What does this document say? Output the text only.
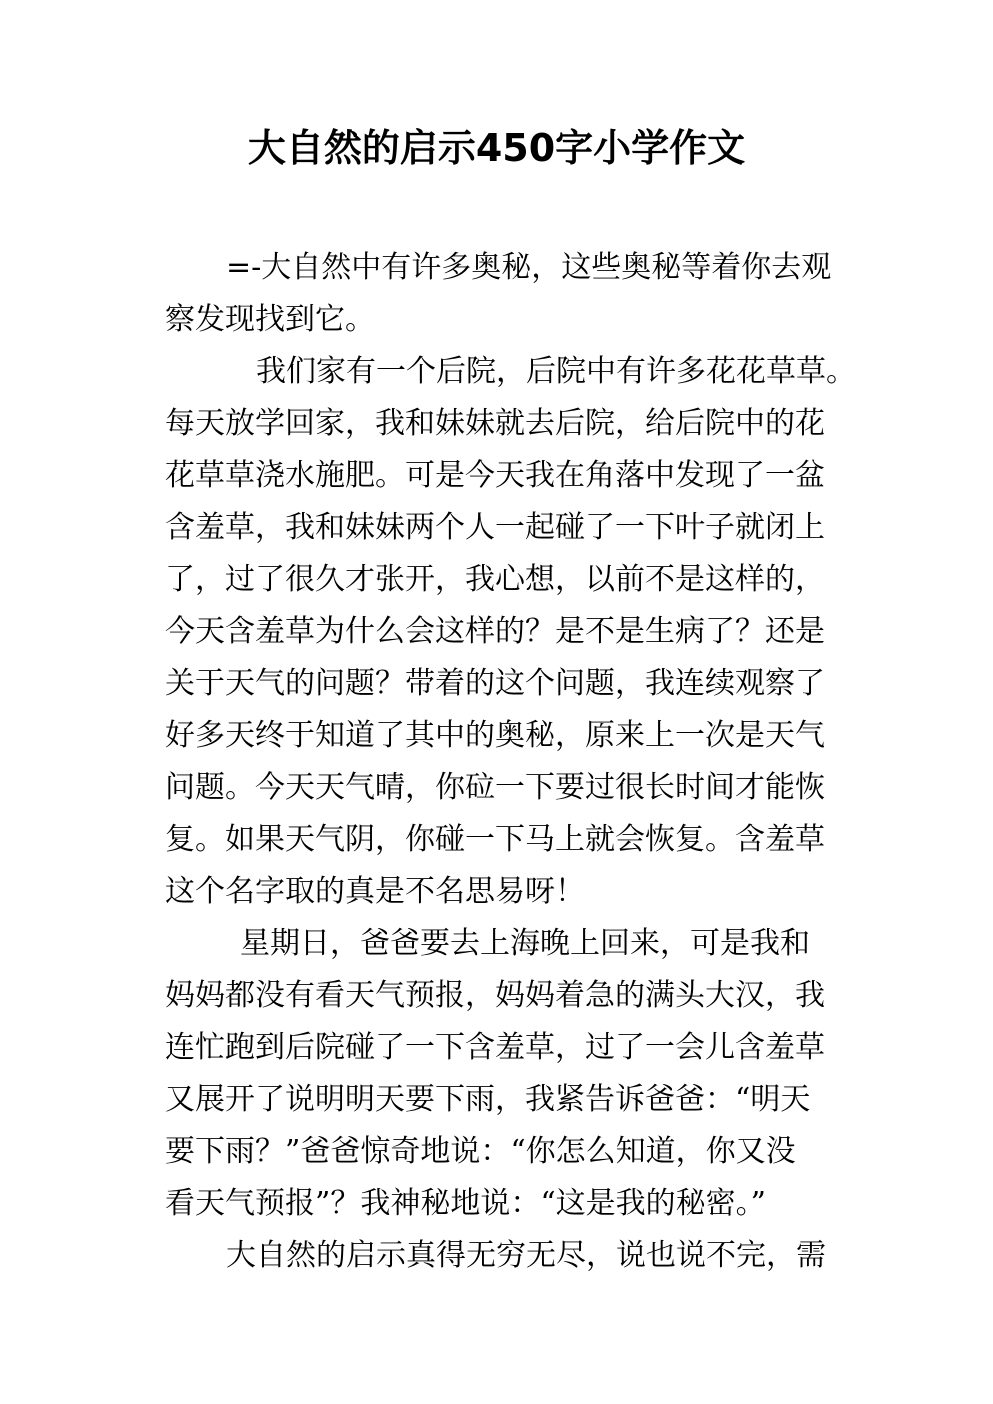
大自然的启示450字小学作文

=-大自然中有许多奥秘，这些奥秘等着你去观

察发现找到它。

我们家有一个后院，后院中有许多花花草草。

每天放学回家，我和妹妹就去后院，给后院中的花

花草草浇水施肥。可是今天我在角落中发现了一盆

含羞草，我和妹妹两个人一起碰了一下叶子就闭上

了，过了很久才张开，我心想，以前不是这样的，

今天含羞草为什么会这样的？是不是生病了？还是

关于天气的问题？带着的这个问题，我连续观察了

好多天终于知道了其中的奥秘，原来上一次是天气

问题。今天天气晴，你砬一下要过很长时间才能恢

复。如果天气阴，你碰一下马上就会恢复。含羞草

这个名字取的真是不名思易呀！

星期日，爸爸要去上海晚上回来，可是我和

妈妈都没有看天气预报，妈妈着急的满头大汉，我

连忙跑到后院碰了一下含羞草，过了一会儿含羞草

又展开了说明明天要下雨，我紧告诉爸爸：“明天

要下雨？”爸爸惊奇地说：“你怎么知道，你又没

看天气预报”？我神秘地说：“这是我的秘密。”

大自然的启示真得无穷无尽，说也说不完，需
